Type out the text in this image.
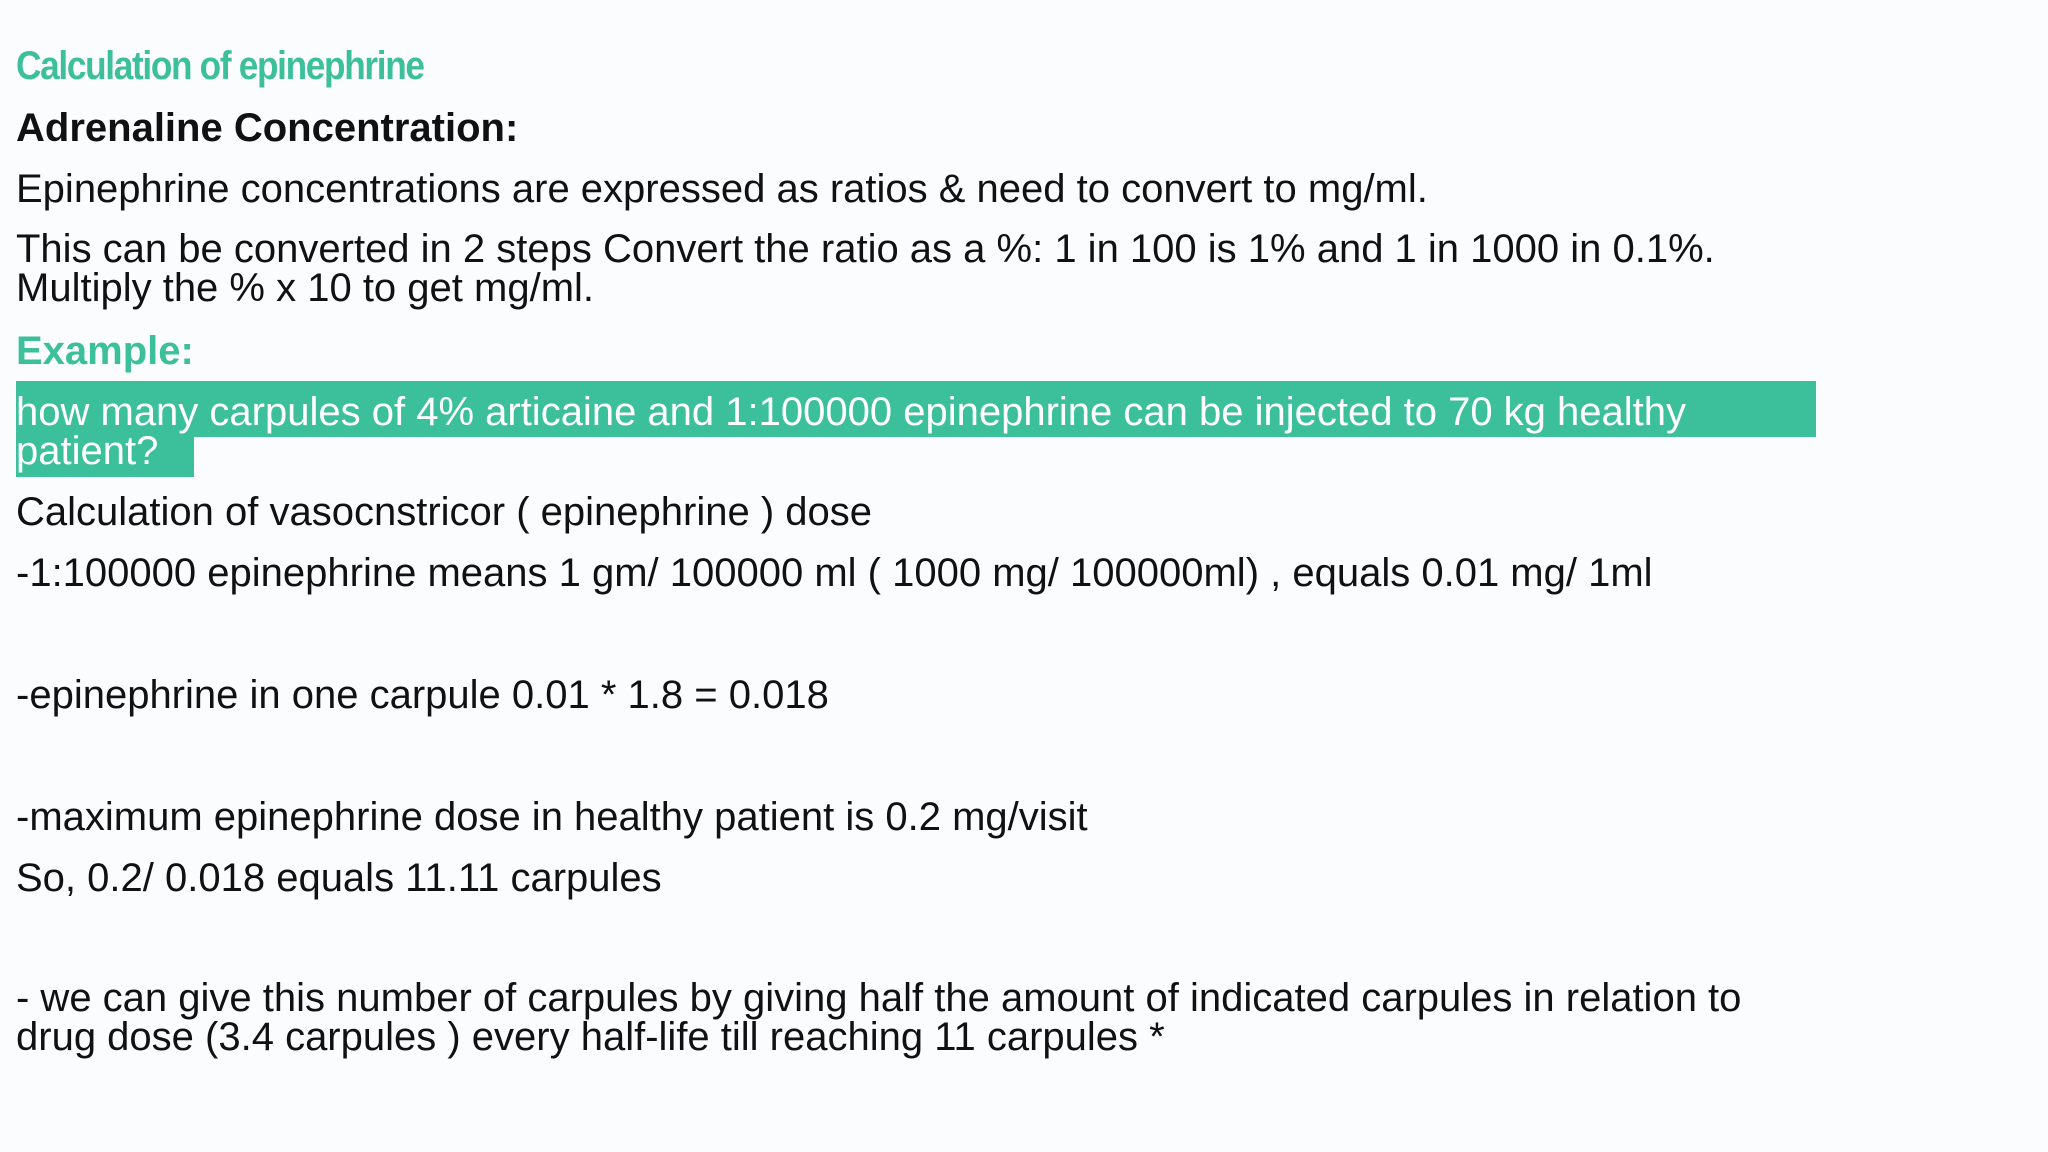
Calculation of epinephrine
Adrenaline Concentration:
Epinephrine concentrations are expressed as ratios & need to convert to mg/ml.
This can be converted in 2 steps Convert the ratio as a %: 1 in 100 is 1% and 1 in 1000 in 0.1%.
Multiply the % x 10 to get mg/ml.
Example:
how many carpules of 4% articaine and 1:100000 epinephrine can be injected to 70 kg healthy
patient?
Calculation of vasocnstricor ( epinephrine ) dose
-1:100000 epinephrine means 1 gm/ 100000 ml ( 1000 mg/ 100000ml) , equals 0.01 mg/ 1ml
-epinephrine in one carpule 0.01 * 1.8 = 0.018
-maximum epinephrine dose in healthy patient is 0.2 mg/visit
So, 0.2/ 0.018 equals 11.11 carpules
- we can give this number of carpules by giving half the amount of indicated carpules in relation to
drug dose (3.4 carpules ) every half-life till reaching 11 carpules *
